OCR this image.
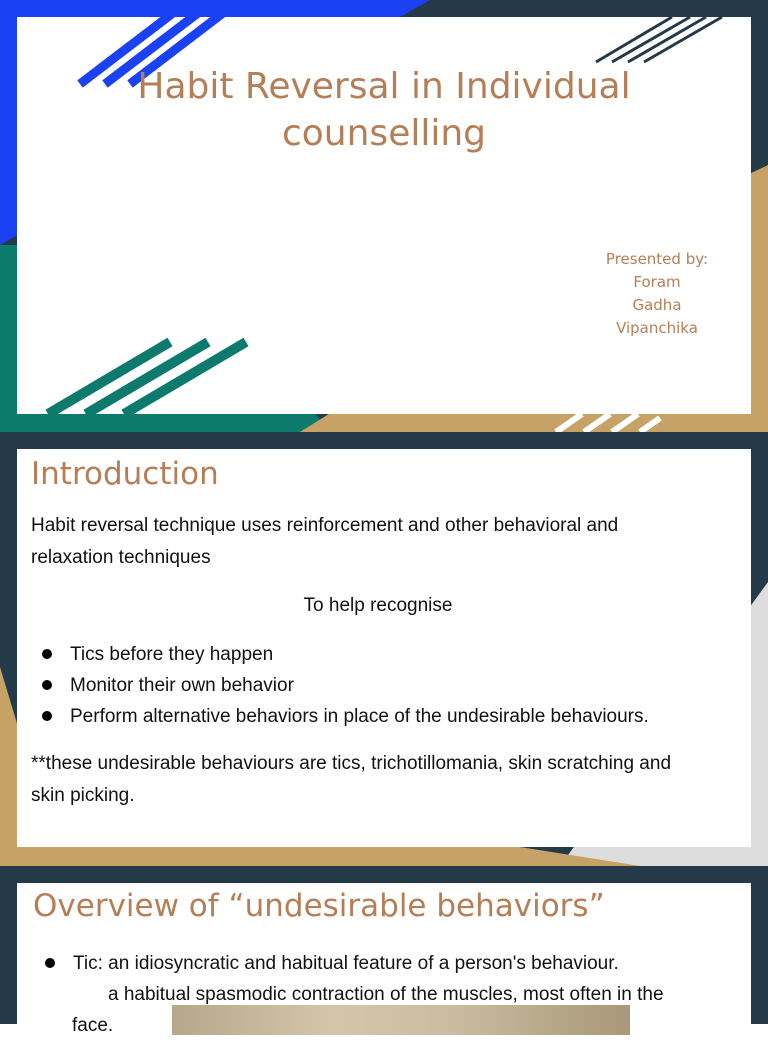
Habit Reversal in Individual
counselling
Presented by:
Foram
Gadha
Vipanchika
Introduction
Habit reversal technique uses reinforcement and other behavioral and
relaxation techniques
To help recognise
Tics before they happen
Monitor their own behavior
Perform alternative behaviors in place of the undesirable behaviours.
**these undesirable behaviours are tics, trichotillomania, skin scratching and
skin picking.
Overview of “undesirable behaviors”
Tic: an idiosyncratic and habitual feature of a person's behaviour.
a habitual spasmodic contraction of the muscles, most often in the
face.
